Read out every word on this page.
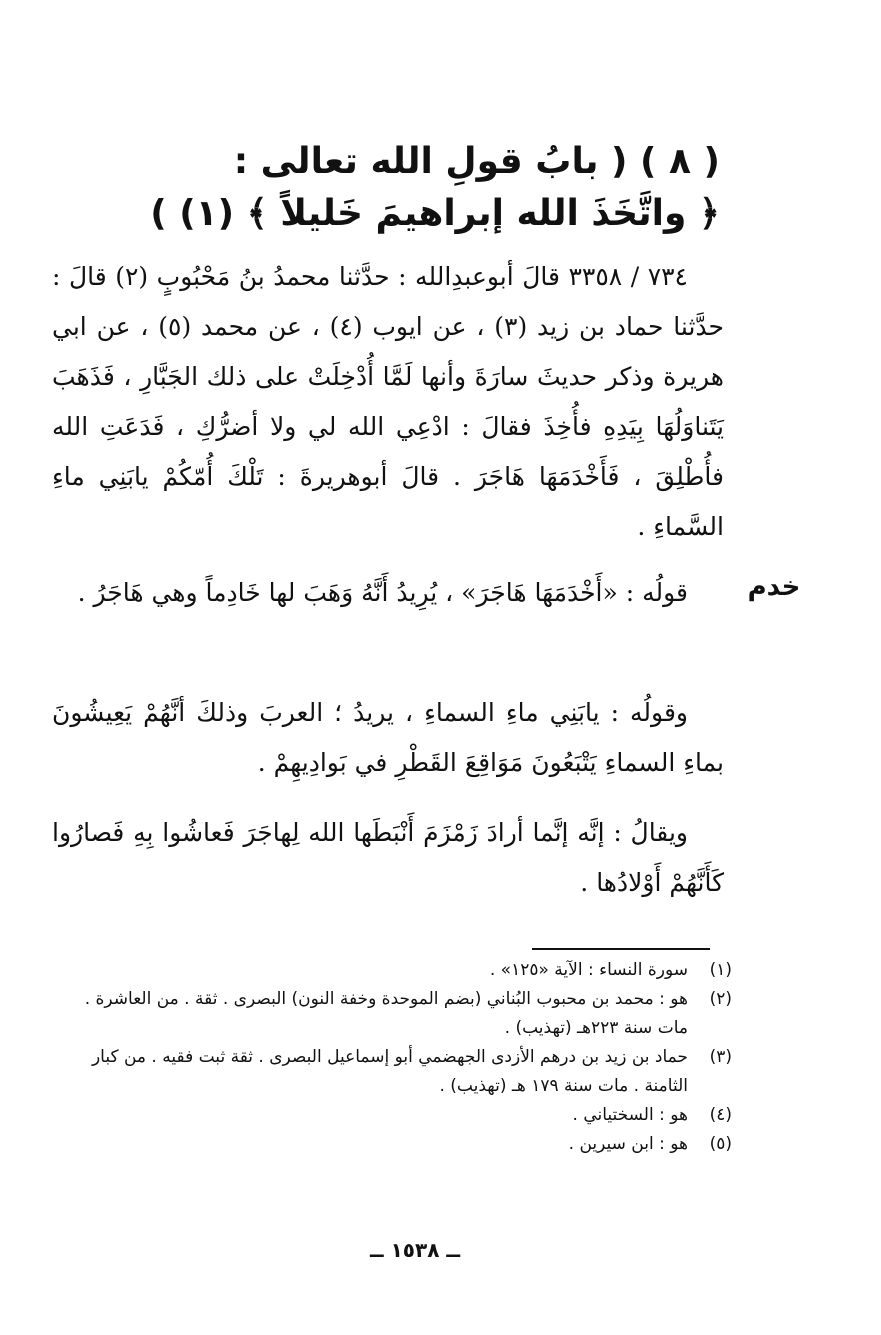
( ٨ ) ( بابُ قولِ الله تعالى :
﴿ واتَّخَذَ الله إبراهيمَ خَليلاً ﴾ (١) )
٧٣٤ / ٣٣٥٨ قالَ أبوعبدِالله : حدَّثنا محمدُ بنُ مَحْبُوبٍ (٢) قالَ : حدَّثنا حماد بن زيد (٣) ، عن ايوب (٤) ، عن محمد (٥) ، عن ابي هريرة وذكر حديثَ سارَةَ وأنها لَمَّا أُدْخِلَتْ على ذلك الجَبَّارِ ، فَذَهَبَ يَتَناوَلُهَا بِيَدِهِ فأُخِذَ فقالَ : ادْعِي الله لي ولا أضرُّكِ ، فَدَعَتِ الله فأُطْلِقَ ، فَأَخْدَمَهَا هَاجَرَ . قالَ أبوهريرةَ : تَلْكَ أُمّكُمْ يابَنِي ماءِ السَّماءِ .
خدم
قولُه : «أَخْدَمَهَا هَاجَرَ» ، يُرِيدُ أَنَّهُ وَهَبَ لها خَادِماً وهي هَاجَرُ .
وقولُه : يابَنِي ماءِ السماءِ ، يريدُ ؛ العربَ وذلكَ أنَّهُمْ يَعِيشُونَ بماءِ السماءِ يَتْبَعُونَ مَوَاقِعَ القَطْرِ في بَوادِيهِمْ .
ويقالُ : إنَّه إنَّما أرادَ زَمْزَمَ أَنْبَطَها الله لِهاجَرَ فَعاشُوا بِهِ فَصارُوا كَأَنَّهُمْ أَوْلادُها .
(١)
سورة النساء : الآية «١٢٥» .
(٢)
هو : محمد بن محبوب البُناني (بضم الموحدة وخفة النون) البصرى . ثقة . من العاشرة . مات سنة ٢٢٣هـ (تهذيب) .
(٣)
حماد بن زيد بن درهم الأزدى الجهضمي أبو إسماعيل البصرى . ثقة ثبت فقيه . من كبار الثامنة . مات سنة ١٧٩ هـ (تهذيب) .
(٤)
هو : السختياني .
(٥)
هو : ابن سيرين .
ــ ١٥٣٨ ــ
